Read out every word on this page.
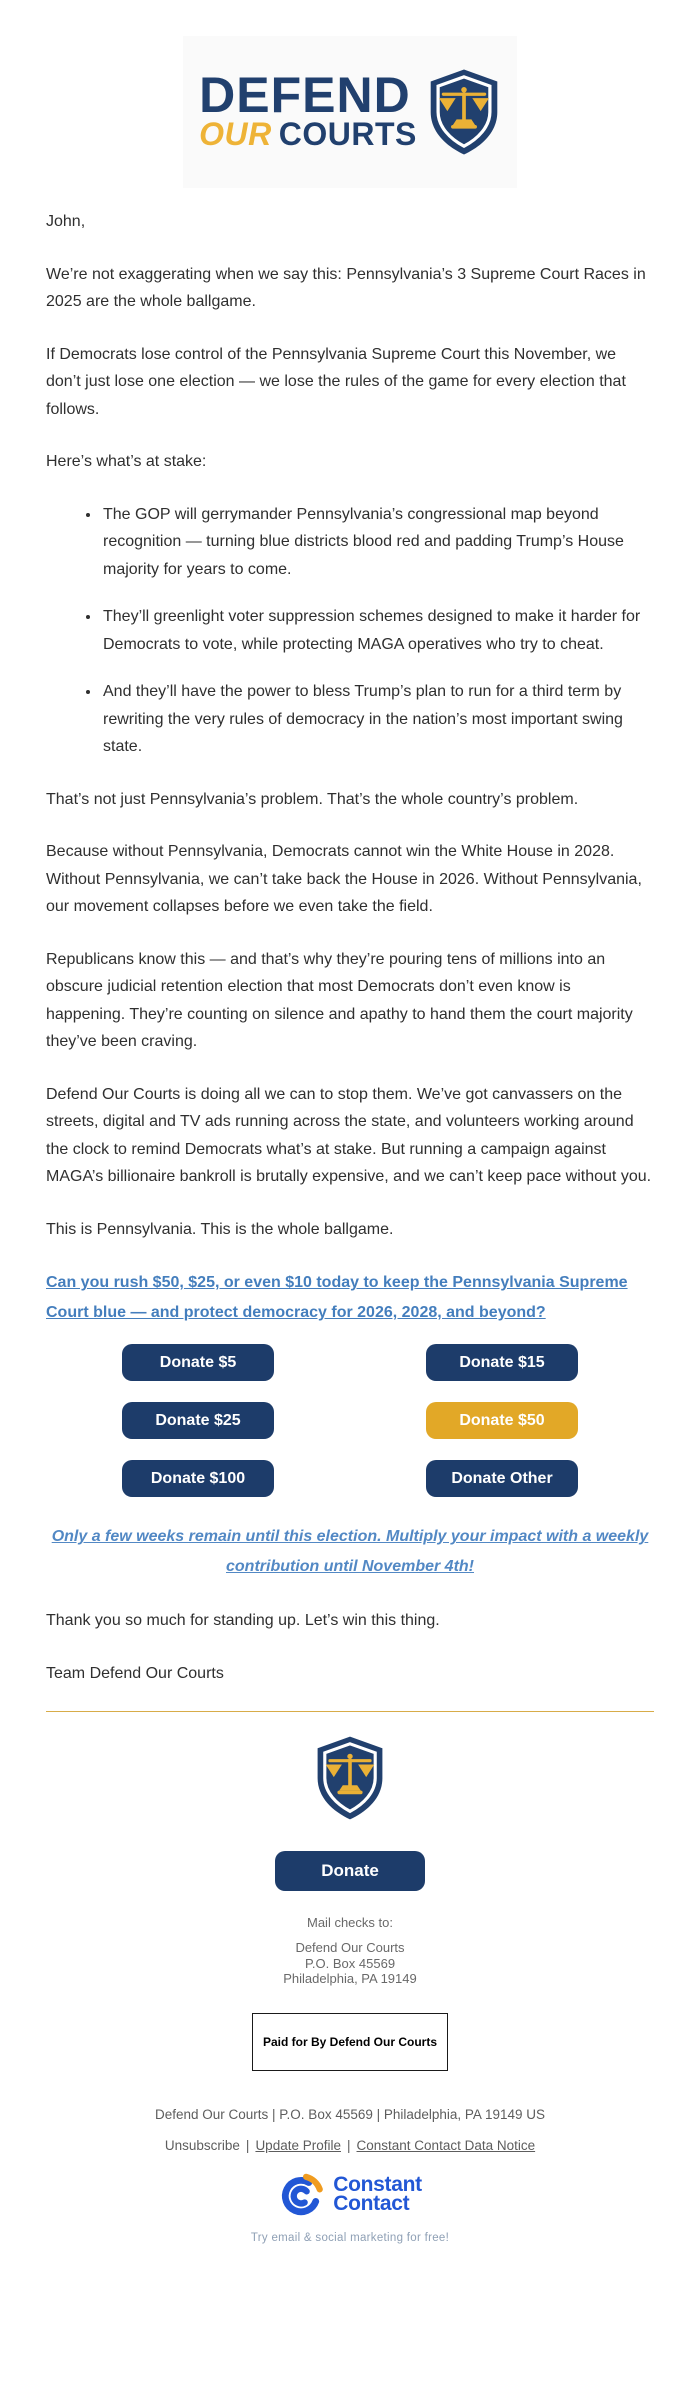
DEFEND
OUR COURTS

John,

We’re not exaggerating when we say this: Pennsylvania’s 3 Supreme Court Races in 2025 are the whole ballgame.

If Democrats lose control of the Pennsylvania Supreme Court this November, we don’t just lose one election — we lose the rules of the game for every election that follows.

Here’s what’s at stake:

• The GOP will gerrymander Pennsylvania’s congressional map beyond recognition — turning blue districts blood red and padding Trump’s House majority for years to come.
• They’ll greenlight voter suppression schemes designed to make it harder for Democrats to vote, while protecting MAGA operatives who try to cheat.
• And they’ll have the power to bless Trump’s plan to run for a third term by rewriting the very rules of democracy in the nation’s most important swing state.

That’s not just Pennsylvania’s problem. That’s the whole country’s problem.

Because without Pennsylvania, Democrats cannot win the White House in 2028. Without Pennsylvania, we can’t take back the House in 2026. Without Pennsylvania, our movement collapses before we even take the field.

Republicans know this — and that’s why they’re pouring tens of millions into an obscure judicial retention election that most Democrats don’t even know is happening. They’re counting on silence and apathy to hand them the court majority they’ve been craving.

Defend Our Courts is doing all we can to stop them. We’ve got canvassers on the streets, digital and TV ads running across the state, and volunteers working around the clock to remind Democrats what’s at stake. But running a campaign against MAGA’s billionaire bankroll is brutally expensive, and we can’t keep pace without you.

This is Pennsylvania. This is the whole ballgame.

Can you rush $50, $25, or even $10 today to keep the Pennsylvania Supreme Court blue — and protect democracy for 2026, 2028, and beyond?

Donate $5	Donate $15
Donate $25	Donate $50
Donate $100	Donate Other

Only a few weeks remain until this election. Multiply your impact with a weekly contribution until November 4th!

Thank you so much for standing up. Let’s win this thing.

Team Defend Our Courts

Donate

Mail checks to:

Defend Our Courts
P.O. Box 45569
Philadelphia, PA 19149

Paid for By Defend Our Courts

Defend Our Courts | P.O. Box 45569 | Philadelphia, PA 19149 US

Unsubscribe | Update Profile | Constant Contact Data Notice

Constant
Contact

Try email & social marketing for free!
